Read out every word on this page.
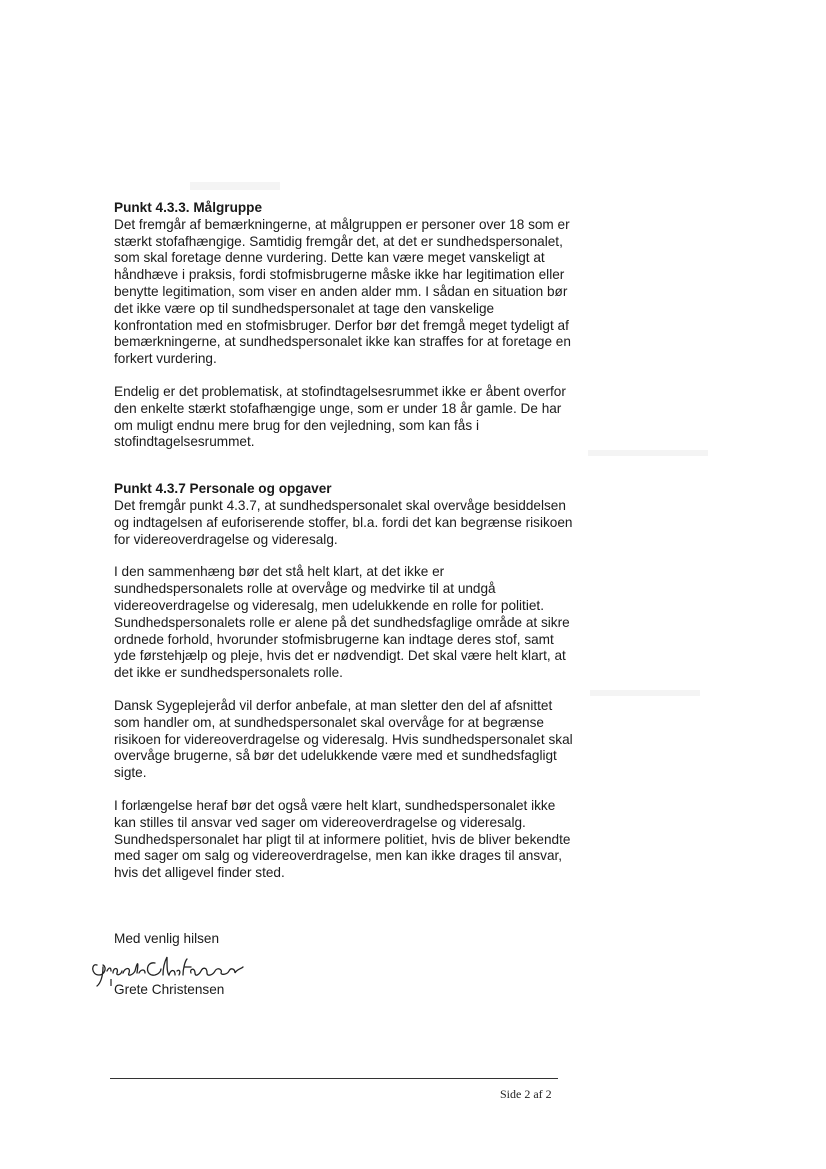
Punkt 4.3.3. Målgruppe

Det fremgår af bemærkningerne, at målgruppen er personer over 18 som er stærkt stofafhængige. Samtidig fremgår det, at det er sundhedspersonalet, som skal foretage denne vurdering. Dette kan være meget vanskeligt at håndhæve i praksis, fordi stofmisbrugerne måske ikke har legitimation eller benytte legitimation, som viser en anden alder mm. I sådan en situation bør det ikke være op til sundhedspersonalet at tage den vanskelige konfrontation med en stofmisbruger. Derfor bør det fremgå meget tydeligt af bemærkningerne, at sundhedspersonalet ikke kan straffes for at foretage en forkert vurdering.

Endelig er det problematisk, at stofindtagelsesrummet ikke er åbent overfor den enkelte stærkt stofafhængige unge, som er under 18 år gamle. De har om muligt endnu mere brug for den vejledning, som kan fås i stofindtagelsesrummet.

Punkt 4.3.7 Personale og opgaver

Det fremgår punkt 4.3.7, at sundhedspersonalet skal overvåge besiddelsen og indtagelsen af euforiserende stoffer, bl.a. fordi det kan begrænse risikoen for videreoverdragelse og videresalg.

I den sammenhæng bør det stå helt klart, at det ikke er sundhedspersonalets rolle at overvåge og medvirke til at undgå videreoverdragelse og videresalg, men udelukkende en rolle for politiet. Sundhedspersonalets rolle er alene på det sundhedsfaglige område at sikre ordnede forhold, hvorunder stofmisbrugerne kan indtage deres stof, samt yde førstehjælp og pleje, hvis det er nødvendigt. Det skal være helt klart, at det ikke er sundhedspersonalets rolle.

Dansk Sygeplejeråd vil derfor anbefale, at man sletter den del af afsnittet som handler om, at sundhedspersonalet skal overvåge for at begrænse risikoen for videreoverdragelse og videresalg. Hvis sundhedspersonalet skal overvåge brugerne, så bør det udelukkende være med et sundhedsfagligt sigte.

I forlængelse heraf bør det også være helt klart, sundhedspersonalet ikke kan stilles til ansvar ved sager om videreoverdragelse og videresalg. Sundhedspersonalet har pligt til at informere politiet, hvis de bliver bekendte med sager om salg og videreoverdragelse, men kan ikke drages til ansvar, hvis det alligevel finder sted.

Med venlig hilsen
Grete Christensen
Side 2 af 2
